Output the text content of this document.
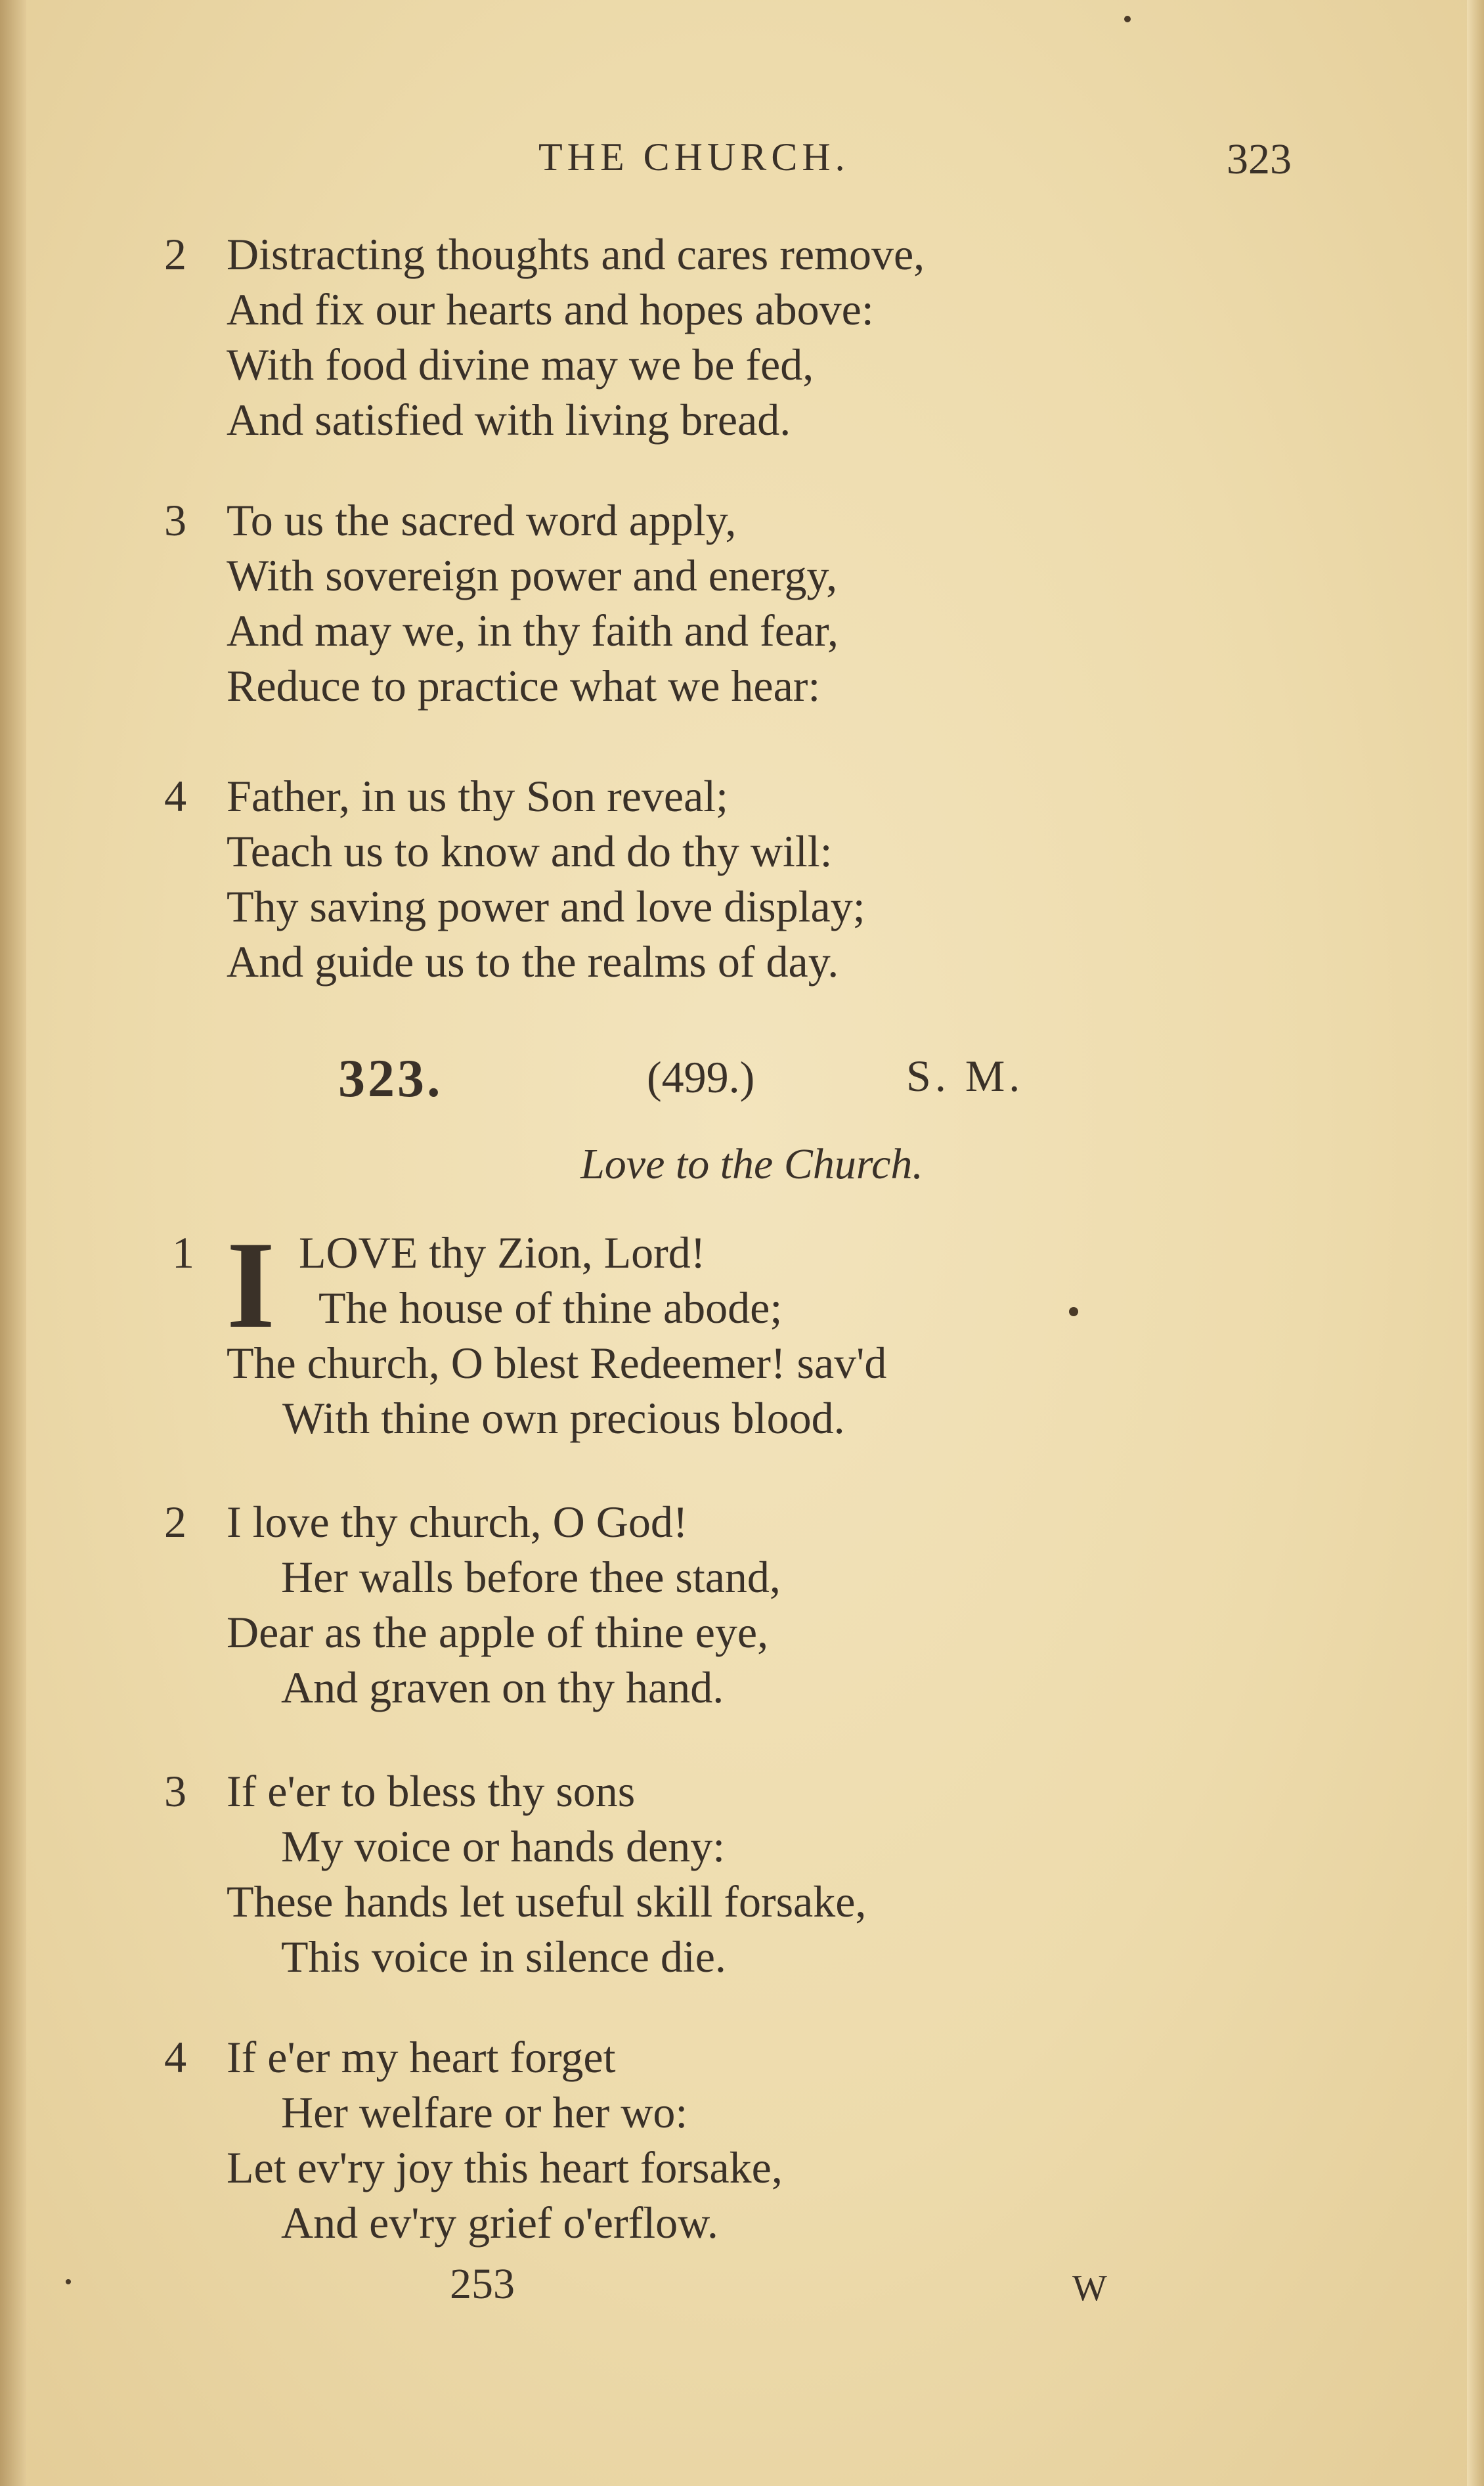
THE CHURCH.	323
2 Distracting thoughts and cares remove,
And fix our hearts and hopes above:
With food divine may we be fed,
And satisfied with living bread.
3 To us the sacred word apply,
With sovereign power and energy,
And may we, in thy faith and fear,
Reduce to practice what we hear:
4 Father, in us thy Son reveal;
Teach us to know and do thy will:
Thy saving power and love display;
And guide us to the realms of day.
323.	(499.)	S. M.
Love to the Church.
I
1 LOVE thy Zion, Lord!
The house of thine abode;
The church, O blest Redeemer! sav'd
With thine own precious blood.
2 I love thy church, O God!
Her walls before thee stand,
Dear as the apple of thine eye,
And graven on thy hand.
3 If e'er to bless thy sons
My voice or hands deny:
These hands let useful skill forsake,
This voice in silence die.
4 If e'er my heart forget
Her welfare or her wo:
Let ev'ry joy this heart forsake,
And ev'ry grief o'erflow.
253	W
